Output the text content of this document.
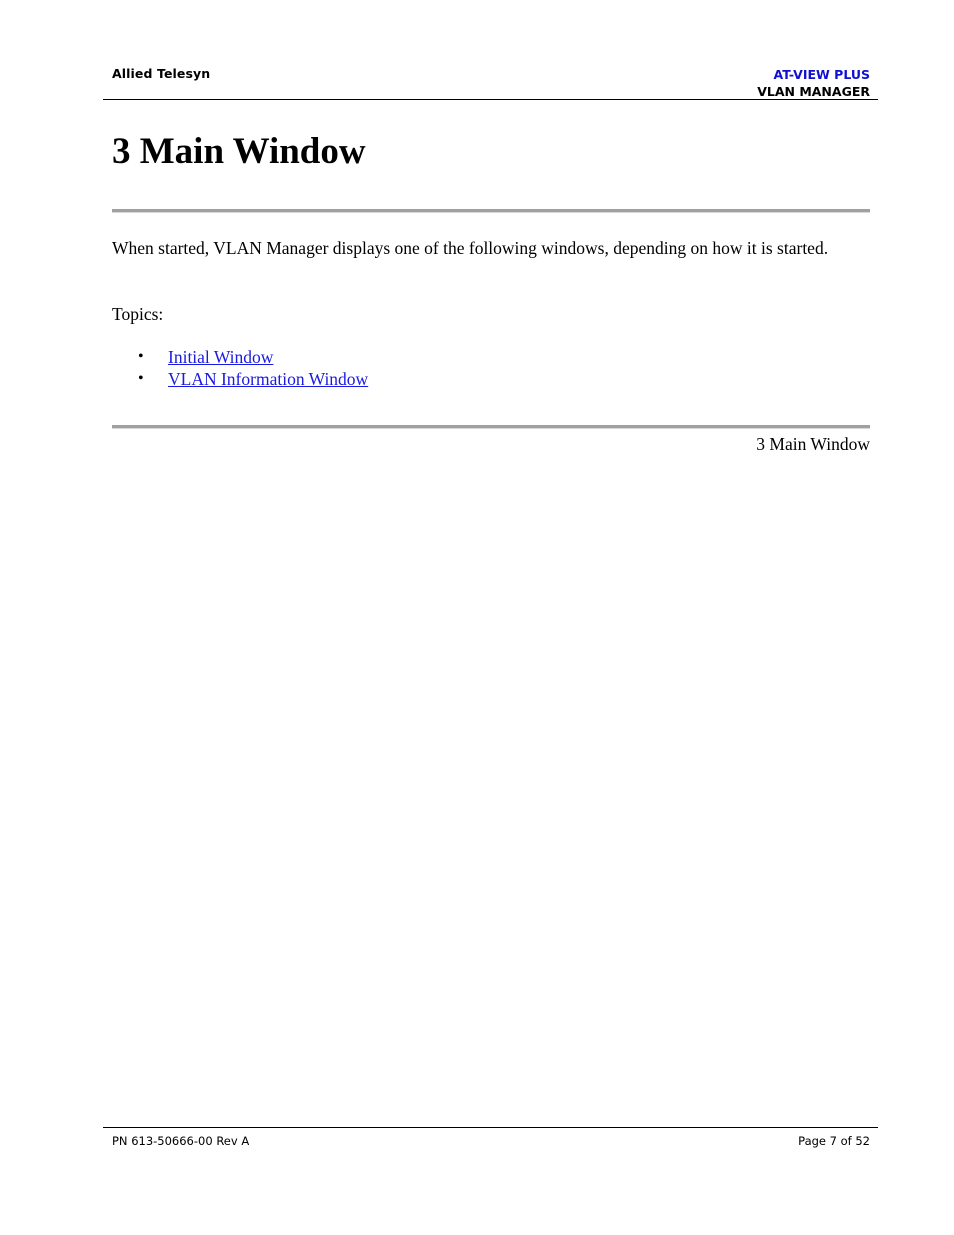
Allied Telesyn	AT-VIEW PLUS
VLAN MANAGER
3 Main Window

When started, VLAN Manager displays one of the following windows, depending on how it is started.

Topics:

• Initial Window
• VLAN Information Window
3 Main Window
PN 613-50666-00 Rev A	Page 7 of 52
